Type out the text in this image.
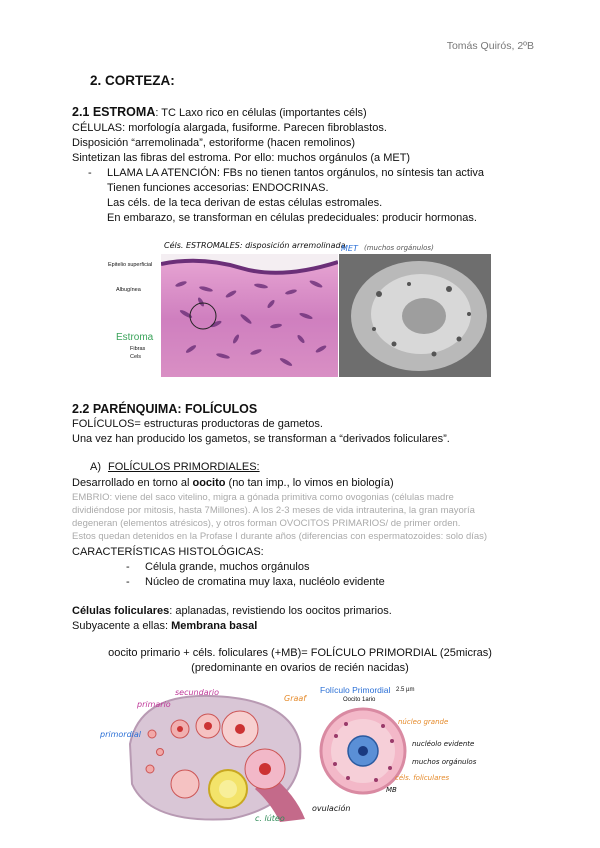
Tomás Quirós, 2ºB
2. CORTEZA:
2.1 ESTROMA: TC Laxo rico en células (importantes céls)
CÉLULAS: morfología alargada, fusiforme. Parecen fibroblastos.
Disposición “arremolinada”, estoriforme (hacen remolinos)
Sintetizan las fibras del estroma. Por ello: muchos orgánulos (a MET)
- LLAMA LA ATENCIÓN: FBs no tienen tantos orgánulos, no síntesis tan activa
Tienen funciones accesorias: ENDOCRINAS.
Las céls. de la teca derivan de estas células estromales.
En embarazo, se transforman en células predeciduales: producir hormonas.
Céls. ESTROMALES: disposición arremolinada
Epitelio superficial
Albugínea
Estroma
Fibras
Cels
MET (muchos orgánulos)
2.2 PARÉNQUIMA: FOLÍCULOS
FOLÍCULOS= estructuras productoras de gametos.
Una vez han producido los gametos, se transforman a “derivados foliculares”.
A) FOLÍCULOS PRIMORDIALES:
Desarrollado en torno al oocito (no tan imp., lo vimos en biología)
EMBRIO: viene del saco vitelino, migra a gónada primitiva como ovogonias (células madre
dividiéndose por mitosis, hasta 7Millones). A los 2-3 meses de vida intrauterina, la gran mayoría
degeneran (elementos atrésicos), y otros forman OVOCITOS PRIMARIOS/ de primer orden.
Estos quedan detenidos en la Profase I durante años (diferencias con espermatozoides: solo días)
CARACTERÍSTICAS HISTOLÓGICAS:
- Célula grande, muchos orgánulos
- Núcleo de cromatina muy laxa, nucléolo evidente
Células foliculares: aplanadas, revistiendo los oocitos primarios.
Subyacente a ellas: Membrana basal
oocito primario + céls. foliculares (+MB)= FOLÍCULO PRIMORDIAL (25micras)
(predominante en ovarios de recién nacidas)
primario
secundario
primordial
Graaf
ovulación
c. lúteo
Folículo Primordial 2.5 µm
Oocito 1ario
núcleo grande
nucléolo evidente
muchos orgánulos
céls. foliculares
MB
